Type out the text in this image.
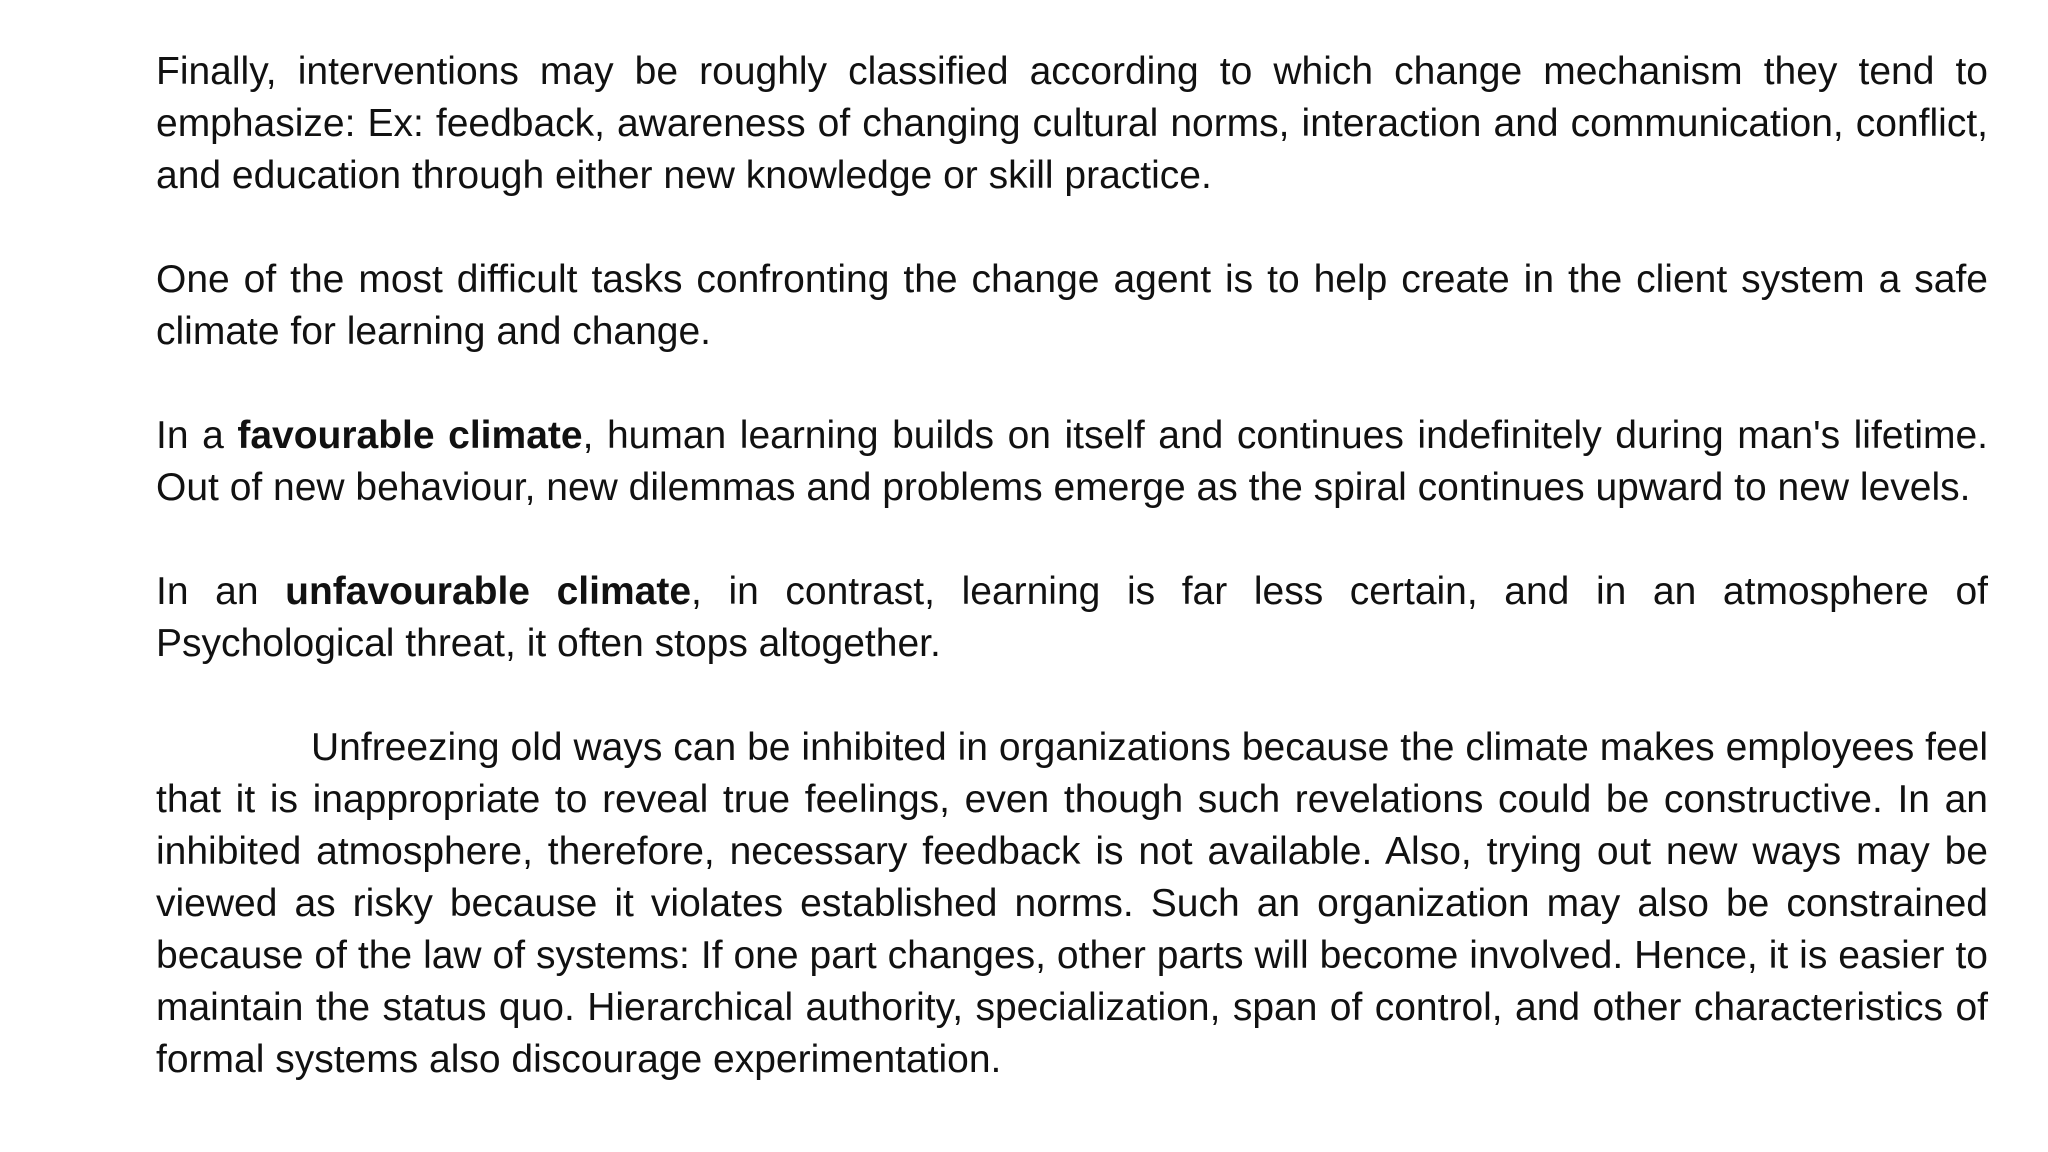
Finally, interventions may be roughly classified according to which change mechanism they tend to emphasize: Ex: feedback, awareness of changing cultural norms, interaction and communication, conflict, and education through either new knowledge or skill practice.

One of the most difficult tasks confronting the change agent is to help create in the client system a safe climate for learning and change.

In a favourable climate, human learning builds on itself and continues indefinitely during man's lifetime. Out of new behaviour, new dilemmas and problems emerge as the spiral continues upward to new levels.

In an unfavourable climate, in contrast, learning is far less certain, and in an atmosphere of Psychological threat, it often stops altogether.

Unfreezing old ways can be inhibited in organizations because the climate makes employees feel that it is inappropriate to reveal true feelings, even though such revelations could be constructive. In an inhibited atmosphere, therefore, necessary feedback is not available. Also, trying out new ways may be viewed as risky because it violates established norms. Such an organization may also be constrained because of the law of systems: If one part changes, other parts will become involved. Hence, it is easier to maintain the status quo. Hierarchical authority, specialization, span of control, and other characteristics of formal systems also discourage experimentation.
